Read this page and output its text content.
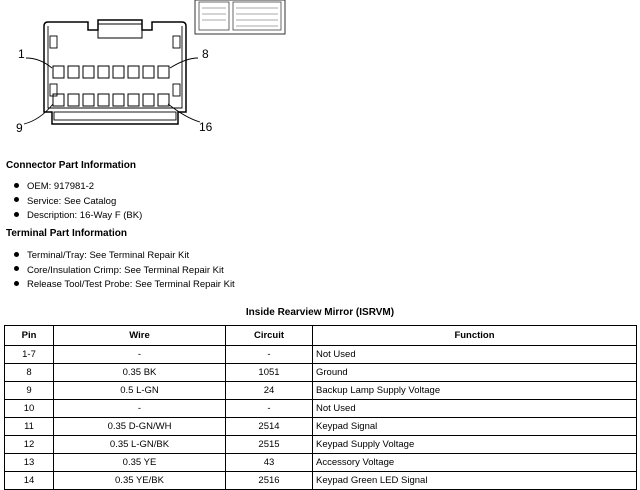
1	8
9	16
Connector Part Information
OEM: 917981-2
Service: See Catalog
Description: 16-Way F (BK)
Terminal Part Information
Terminal/Tray: See Terminal Repair Kit
Core/Insulation Crimp: See Terminal Repair Kit
Release Tool/Test Probe: See Terminal Repair Kit
Inside Rearview Mirror (ISRVM)
Pin	Wire	Circuit	Function
1-7	-	-	Not Used
8	0.35 BK	1051	Ground
9	0.5 L-GN	24	Backup Lamp Supply Voltage
10	-	-	Not Used
11	0.35 D-GN/WH	2514	Keypad Signal
12	0.35 L-GN/BK	2515	Keypad Supply Voltage
13	0.35 YE	43	Accessory Voltage
14	0.35 YE/BK	2516	Keypad Green LED Signal
